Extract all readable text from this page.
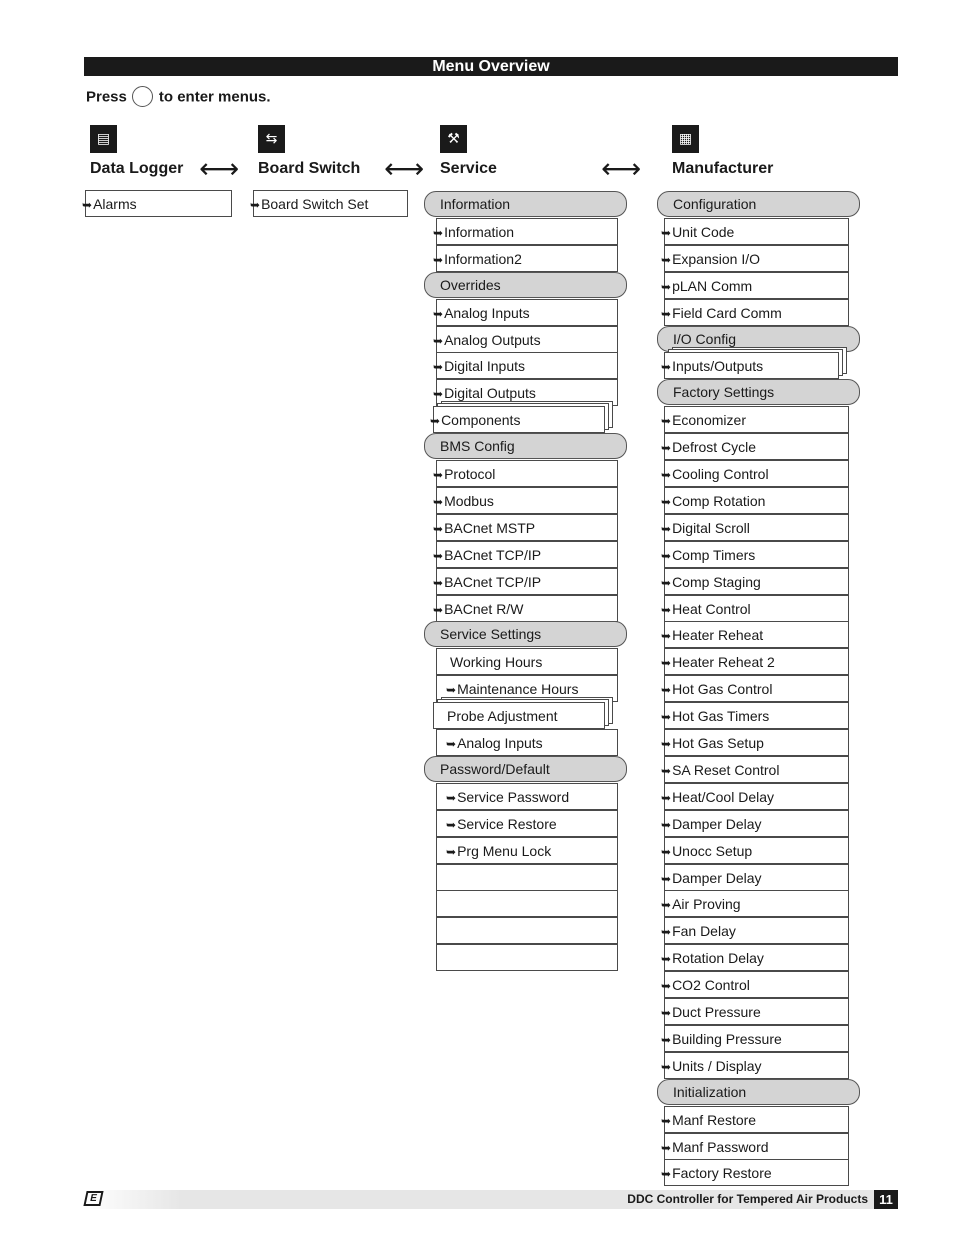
Menu Overview
Press to enter menus.
▤	⇆	⚒	▦
Data Logger	Board Switch	Service	Manufacturer
⟷	⟷	⟷
➥Alarms	➥Board Switch Set	Information
➥Information
➥Information2
Overrides
➥Analog Inputs
➥Analog Outputs
➥Digital Inputs
➥Digital Outputs
➥Components
BMS Config
➥Protocol
➥Modbus
➥BACnet MSTP
➥BACnet TCP/IP
➥BACnet TCP/IP
➥BACnet R/W
Service Settings
Working Hours
➥Maintenance Hours
Probe Adjustment
➥Analog Inputs
Password/Default
➥Service Password
➥Service Restore
➥Prg Menu Lock
Configuration
➥Unit Code
➥Expansion I/O
➥pLAN Comm
➥Field Card Comm
I/O Config
➥Inputs/Outputs
Factory Settings
➥Economizer
➥Defrost Cycle
➥Cooling Control
➥Comp Rotation
➥Digital Scroll
➥Comp Timers
➥Comp Staging
➥Heat Control
➥Heater Reheat
➥Heater Reheat 2
➥Hot Gas Control
➥Hot Gas Timers
➥Hot Gas Setup
➥SA Reset Control
➥Heat/Cool Delay
➥Damper Delay
➥Unocc Setup
➥Damper Delay
➥Air Proving
➥Fan Delay
➥Rotation Delay
➥CO2 Control
➥Duct Pressure
➥Building Pressure
➥Units / Display
Initialization
➥Manf Restore
➥Manf Password
➥Factory Restore
E	DDC Controller for Tempered Air Products 11
